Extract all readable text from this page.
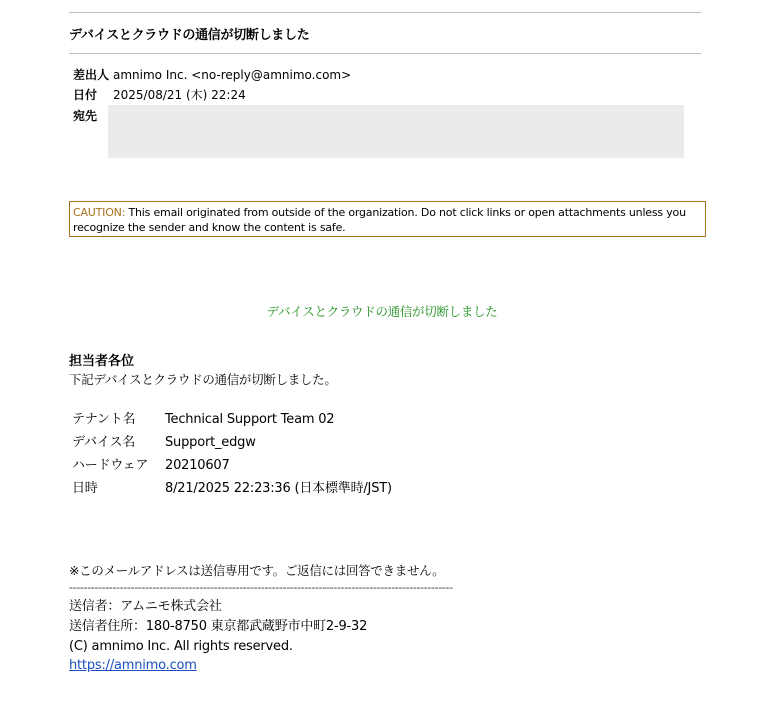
デバイスとクラウドの通信が切断しました
差出人 amnimo Inc. <no-reply@amnimo.com>
日付 2025/08/21 (木) 22:24
宛先
CAUTION: This email originated from outside of the organization. Do not click links or open attachments unless you recognize the sender and know the content is safe.
デバイスとクラウドの通信が切断しました
担当者各位
下記デバイスとクラウドの通信が切断しました。
テナント名 Technical Support Team 02
デバイス名 Support_edgw
ハードウェア 20210607
日時	8/21/2025 22:23:36 (日本標準時/JST)
※このメールアドレスは送信専用です。ご返信には回答できません。
----------------------------------------------------------------------------------------------------------
送信者：アムニモ株式会社
送信者住所：180-8750 東京都武蔵野市中町2-9-32
(C) amnimo Inc. All rights reserved.
https://amnimo.com
